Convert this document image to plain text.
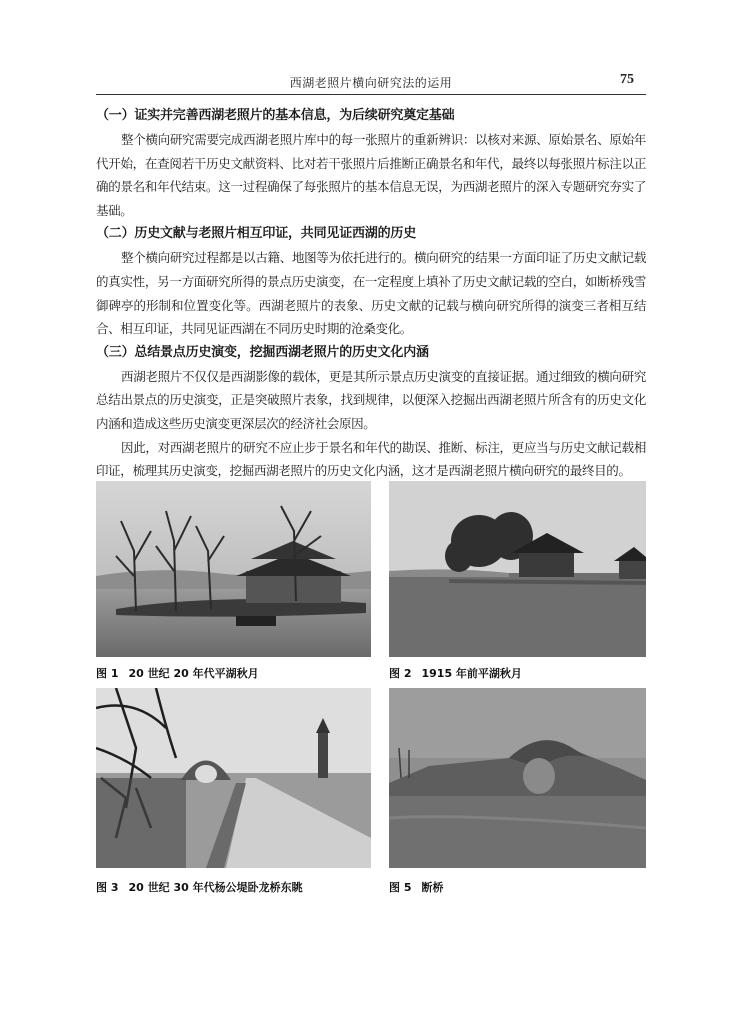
西湖老照片横向研究法的运用	75
（一）证实并完善西湖老照片的基本信息，为后续研究奠定基础

整个横向研究需要完成西湖老照片库中的每一张照片的重新辨识：以核对来源、原始景名、原始年代开始，在查阅若干历史文献资料、比对若干张照片后推断正确景名和年代，最终以每张照片标注以正确的景名和年代结束。这一过程确保了每张照片的基本信息无误，为西湖老照片的深入专题研究夯实了基础。

（二）历史文献与老照片相互印证，共同见证西湖的历史

整个横向研究过程都是以古籍、地图等为依托进行的。横向研究的结果一方面印证了历史文献记载的真实性，另一方面研究所得的景点历史演变，在一定程度上填补了历史文献记载的空白，如断桥残雪御碑亭的形制和位置变化等。西湖老照片的表象、历史文献的记载与横向研究所得的演变三者相互结合、相互印证，共同见证西湖在不同历史时期的沧桑变化。

（三）总结景点历史演变，挖掘西湖老照片的历史文化内涵

西湖老照片不仅仅是西湖影像的载体，更是其所示景点历史演变的直接证据。通过细致的横向研究总结出景点的历史演变，正是突破照片表象，找到规律，以便深入挖掘出西湖老照片所含有的历史文化内涵和造成这些历史演变更深层次的经济社会原因。

因此，对西湖老照片的研究不应止步于景名和年代的勘误、推断、标注，更应当与历史文献记载相印证，梳理其历史演变，挖掘西湖老照片的历史文化内涵，这才是西湖老照片横向研究的最终目的。

图 1 20 世纪 20 年代平湖秋月	图 2 1915 年前平湖秋月
图 3 20 世纪 30 年代杨公堤卧龙桥东眺	图 5 断桥
